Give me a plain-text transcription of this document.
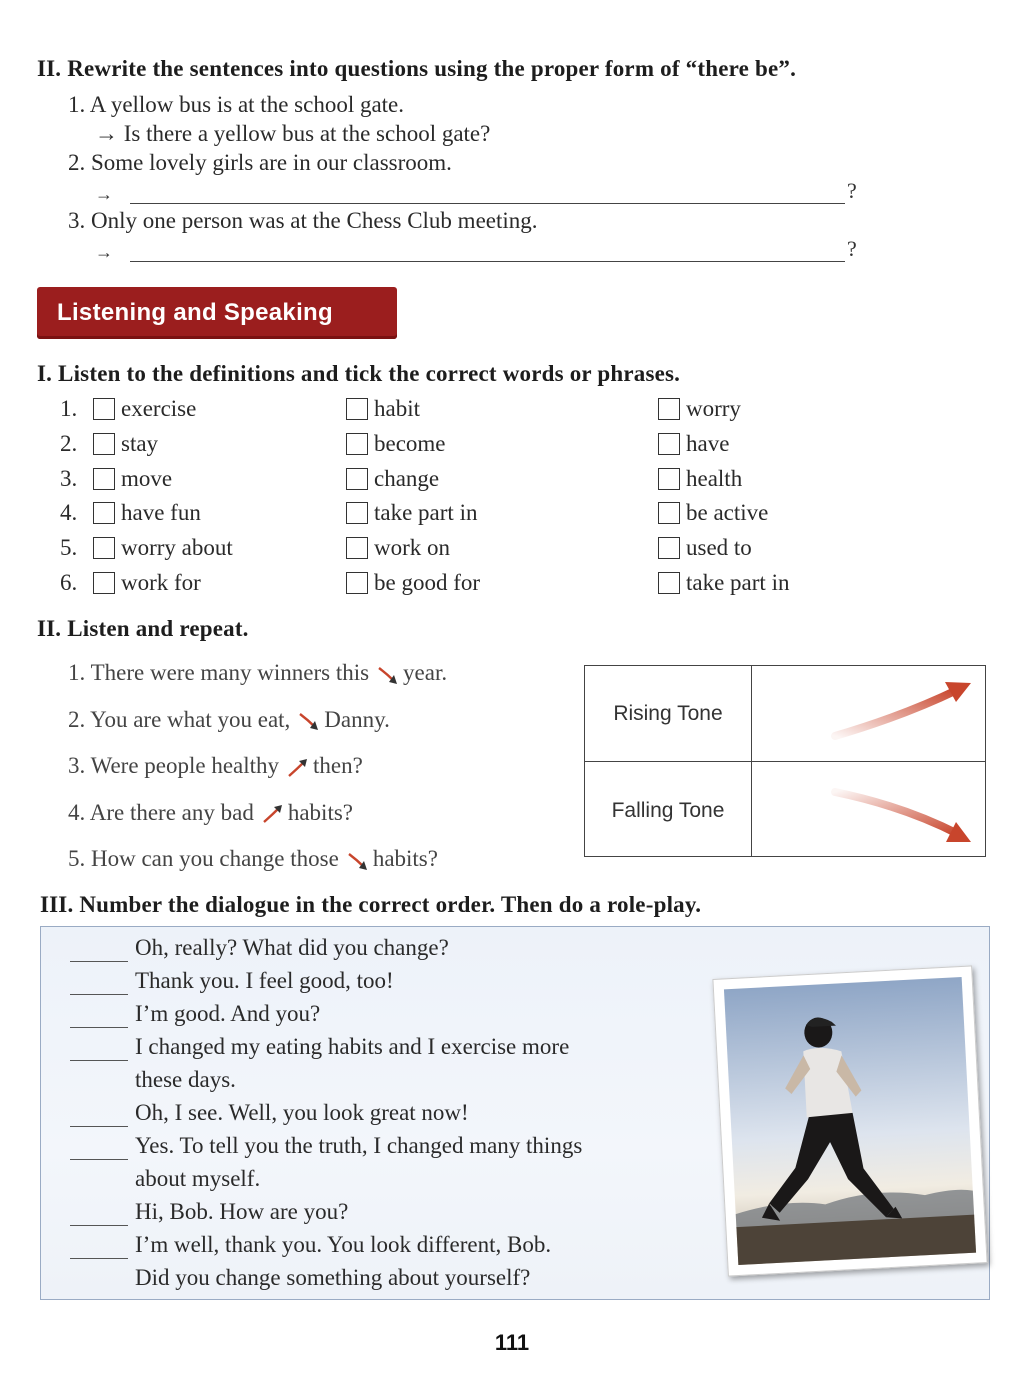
II. Rewrite the sentences into questions using the proper form of “there be”.
1. A yellow bus is at the school gate.
→ Is there a yellow bus at the school gate?
2. Some lovely girls are in our classroom.
→	?
3. Only one person was at the Chess Club meeting.
→	?
Listening and Speaking
I. Listen to the definitions and tick the correct words or phrases.
1. exercise	habit	worry
2. stay	become	have
3. move	change	health
4. have fun	take part in	be active
5. worry about	work on	used to
6. work for	be good for	take part in
II. Listen and repeat.
1. There were many winners this year.
2. You are what you eat, Danny.
3. Were people healthy then?
4. Are there any bad habits?
5. How can you change those habits?
Rising Tone
Falling Tone
III. Number the dialogue in the correct order. Then do a role-play.
Oh, really? What did you change?
Thank you. I feel good, too!
I’m good. And you?
I changed my eating habits and I exercise more
these days.
Oh, I see. Well, you look great now!
Yes. To tell you the truth, I changed many things
about myself.
Hi, Bob. How are you?
I’m well, thank you. You look different, Bob.
Did you change something about yourself?
111
